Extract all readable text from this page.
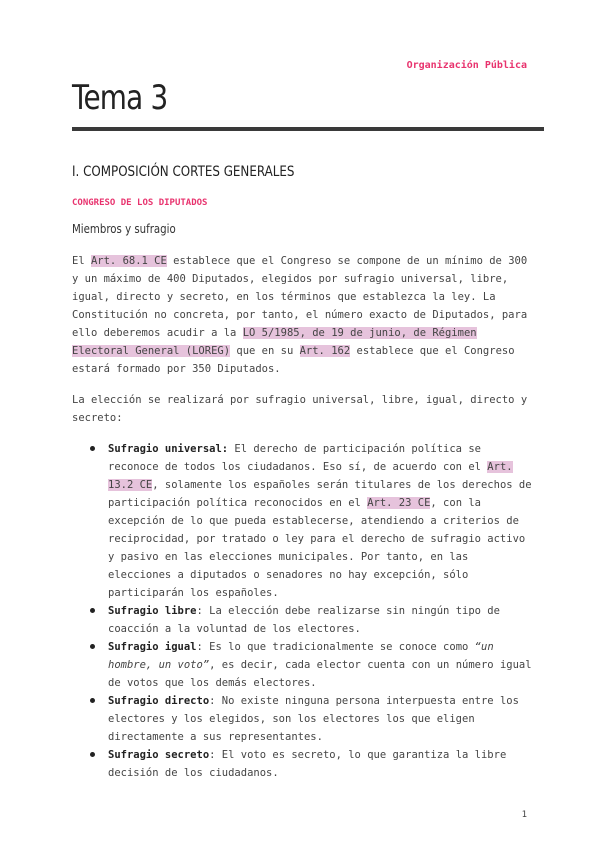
Organización Pública
Tema 3
I. COMPOSICIÓN CORTES GENERALES
CONGRESO DE LOS DIPUTADOS
Miembros y sufragio

El Art. 68.1 CE establece que el Congreso se compone de un mínimo de 300 y un máximo de 400 Diputados, elegidos por sufragio universal, libre, igual, directo y secreto, en los términos que establezca la ley. La Constitución no concreta, por tanto, el número exacto de Diputados, para ello deberemos acudir a la LO 5/1985, de 19 de junio, de Régimen Electoral General (LOREG) que en su Art. 162 establece que el Congreso estará formado por 350 Diputados.

La elección se realizará por sufragio universal, libre, igual, directo y secreto:

Sufragio universal: El derecho de participación política se reconoce de todos los ciudadanos. Eso sí, de acuerdo con el Art. 13.2 CE, solamente los españoles serán titulares de los derechos de participación política reconocidos en el Art. 23 CE, con la excepción de lo que pueda establecerse, atendiendo a criterios de reciprocidad, por tratado o ley para el derecho de sufragio activo y pasivo en las elecciones municipales. Por tanto, en las elecciones a diputados o senadores no hay excepción, sólo participarán los españoles.
Sufragio libre: La elección debe realizarse sin ningún tipo de coacción a la voluntad de los electores.
Sufragio igual: Es lo que tradicionalmente se conoce como “un hombre, un voto”, es decir, cada elector cuenta con un número igual de votos que los demás electores.
Sufragio directo: No existe ninguna persona interpuesta entre los electores y los elegidos, son los electores los que eligen directamente a sus representantes.
Sufragio secreto: El voto es secreto, lo que garantiza la libre decisión de los ciudadanos.
1
